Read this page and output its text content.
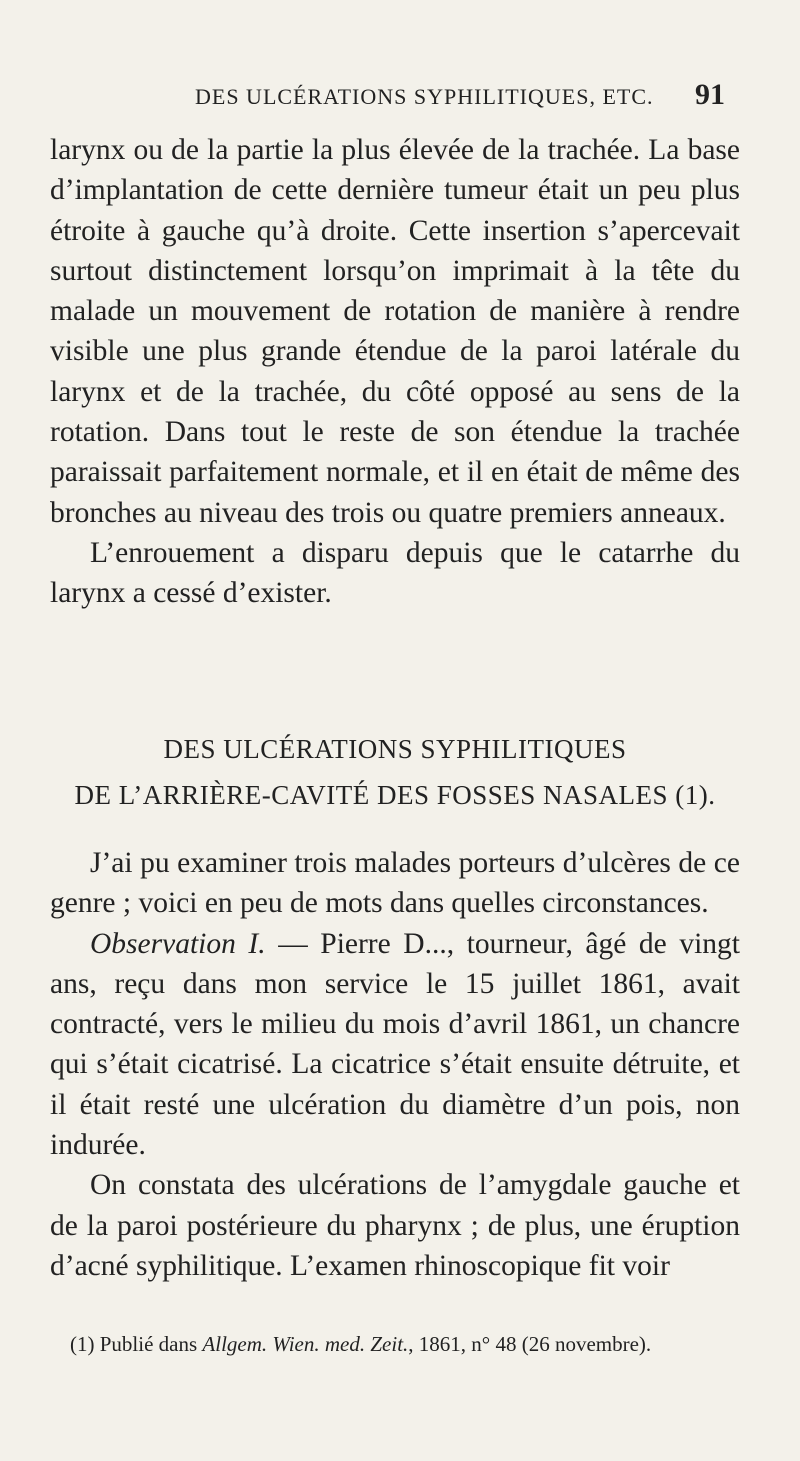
DES ULCÉRATIONS SYPHILITIQUES, ETC. 91

larynx ou de la partie la plus élevée de la trachée. La base d’implantation de cette dernière tumeur était un peu plus étroite à gauche qu’à droite. Cette insertion s’apercevait surtout distinctement lorsqu’on imprimait à la tête du malade un mouvement de rotation de manière à rendre visible une plus grande étendue de la paroi latérale du larynx et de la trachée, du côté opposé au sens de la rotation. Dans tout le reste de son étendue la trachée paraissait parfaitement normale, et il en était de même des bronches au niveau des trois ou quatre premiers anneaux.

L’enrouement a disparu depuis que le catarrhe du larynx a cessé d’exister.

DES ULCÉRATIONS SYPHILITIQUES
DE L’ARRIÈRE-CAVITÉ DES FOSSES NASALES (1).

J’ai pu examiner trois malades porteurs d’ulcères de ce genre ; voici en peu de mots dans quelles circonstances.

Observation I. — Pierre D..., tourneur, âgé de vingt ans, reçu dans mon service le 15 juillet 1861, avait contracté, vers le milieu du mois d’avril 1861, un chancre qui s’était cicatrisé. La cicatrice s’était ensuite détruite, et il était resté une ulcération du diamètre d’un pois, non indurée.

On constata des ulcérations de l’amygdale gauche et de la paroi postérieure du pharynx ; de plus, une éruption d’acné syphilitique. L’examen rhinoscopique fit voir

(1) Publié dans Allgem. Wien. med. Zeit., 1861, n° 48 (26 novembre).
